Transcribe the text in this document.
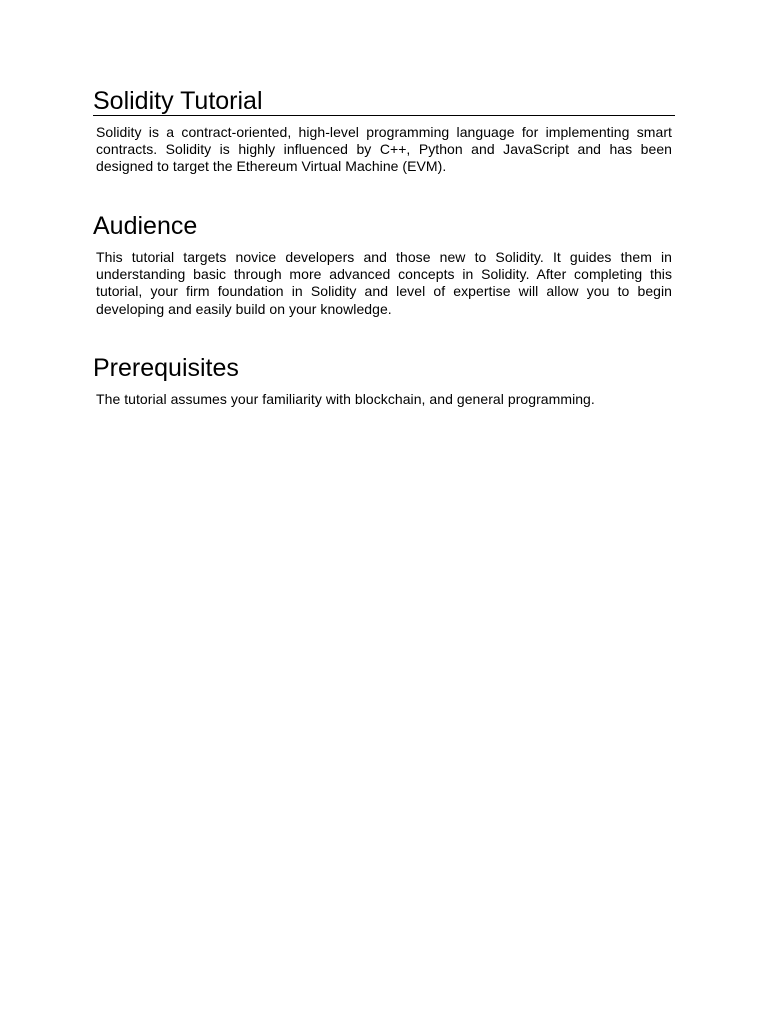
Solidity Tutorial

Solidity is a contract-oriented, high-level programming language for implementing smart contracts. Solidity is highly influenced by C++, Python and JavaScript and has been designed to target the Ethereum Virtual Machine (EVM).

Audience

This tutorial targets novice developers and those new to Solidity. It guides them in understanding basic through more advanced concepts in Solidity. After completing this tutorial, your firm foundation in Solidity and level of expertise will allow you to begin developing and easily build on your knowledge.

Prerequisites

The tutorial assumes your familiarity with blockchain, and general programming.
